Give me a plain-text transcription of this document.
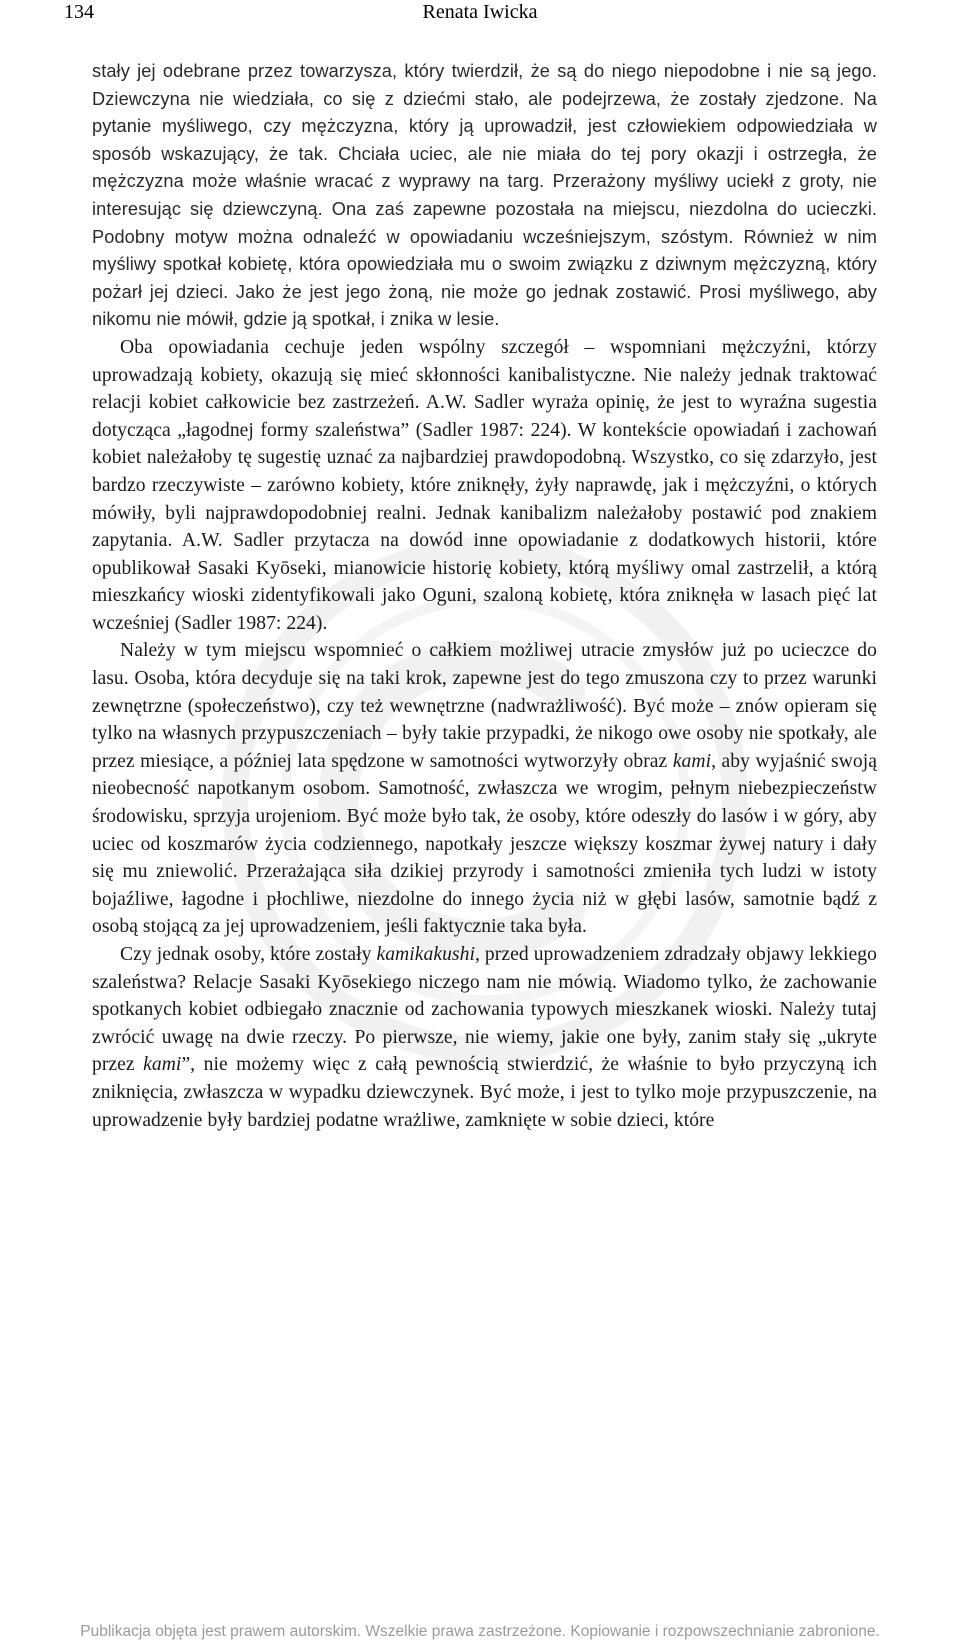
134	Renata Iwicka

stały jej odebrane przez towarzysza, który twierdził, że są do niego niepodobne i nie są jego. Dziewczyna nie wiedziała, co się z dziećmi stało, ale podejrzewa, że zostały zjedzone. Na pytanie myśliwego, czy mężczyzna, który ją uprowadził, jest człowiekiem odpowiedziała w sposób wskazujący, że tak. Chciała uciec, ale nie miała do tej pory okazji i ostrzegła, że mężczyzna może właśnie wracać z wyprawy na targ. Przerażony myśliwy uciekł z groty, nie interesując się dziewczyną. Ona zaś zapewne pozostała na miejscu, niezdolna do ucieczki. Podobny motyw można odnaleźć w opowiadaniu wcześniejszym, szóstym. Również w nim myśliwy spotkał kobietę, która opowiedziała mu o swoim związku z dziwnym mężczyzną, który pożarł jej dzieci. Jako że jest jego żoną, nie może go jednak zostawić. Prosi myśliwego, aby nikomu nie mówił, gdzie ją spotkał, i znika w lesie.

Oba opowiadania cechuje jeden wspólny szczegół – wspomniani mężczyźni, którzy uprowadzają kobiety, okazują się mieć skłonności kanibalistyczne. Nie należy jednak traktować relacji kobiet całkowicie bez zastrzeżeń. A.W. Sadler wyraża opinię, że jest to wyraźna sugestia dotycząca „łagodnej formy szaleństwa” (Sadler 1987: 224). W kontekście opowiadań i zachowań kobiet należałoby tę sugestię uznać za najbardziej prawdopodobną. Wszystko, co się zdarzyło, jest bardzo rzeczywiste – zarówno kobiety, które zniknęły, żyły naprawdę, jak i mężczyźni, o których mówiły, byli najprawdopodobniej realni. Jednak kanibalizm należałoby postawić pod znakiem zapytania. A.W. Sadler przytacza na dowód inne opowiadanie z dodatkowych historii, które opublikował Sasaki Kyōseki, mianowicie historię kobiety, którą myśliwy omal zastrzelił, a którą mieszkańcy wioski zidentyfikowali jako Oguni, szaloną kobietę, która zniknęła w lasach pięć lat wcześniej (Sadler 1987: 224).

Należy w tym miejscu wspomnieć o całkiem możliwej utracie zmysłów już po ucieczce do lasu. Osoba, która decyduje się na taki krok, zapewne jest do tego zmuszona czy to przez warunki zewnętrzne (społeczeństwo), czy też wewnętrzne (nadwrażliwość). Być może – znów opieram się tylko na własnych przypuszczeniach – były takie przypadki, że nikogo owe osoby nie spotkały, ale przez miesiące, a później lata spędzone w samotności wytworzyły obraz kami, aby wyjaśnić swoją nieobecność napotkanym osobom. Samotność, zwłaszcza we wrogim, pełnym niebezpieczeństw środowisku, sprzyja urojeniom. Być może było tak, że osoby, które odeszły do lasów i w góry, aby uciec od koszmarów życia codziennego, napotkały jeszcze większy koszmar żywej natury i dały się mu zniewolić. Przerażająca siła dzikiej przyrody i samotności zmieniła tych ludzi w istoty bojaźliwe, łagodne i płochliwe, niezdolne do innego życia niż w głębi lasów, samotnie bądź z osobą stojącą za jej uprowadzeniem, jeśli faktycznie taka była.

Czy jednak osoby, które zostały kamikakushi, przed uprowadzeniem zdradzały objawy lekkiego szaleństwa? Relacje Sasaki Kyōsekiego niczego nam nie mówią. Wiadomo tylko, że zachowanie spotkanych kobiet odbiegało znacznie od zachowania typowych mieszkanek wioski. Należy tutaj zwrócić uwagę na dwie rzeczy. Po pierwsze, nie wiemy, jakie one były, zanim stały się „ukryte przez kami”, nie możemy więc z całą pewnością stwierdzić, że właśnie to było przyczyną ich zniknięcia, zwłaszcza w wypadku dziewczynek. Być może, i jest to tylko moje przypuszczenie, na uprowadzenie były bardziej podatne wrażliwe, zamknięte w sobie dzieci, które

Publikacja objęta jest prawem autorskim. Wszelkie prawa zastrzeżone. Kopiowanie i rozpowszechnianie zabronione.
